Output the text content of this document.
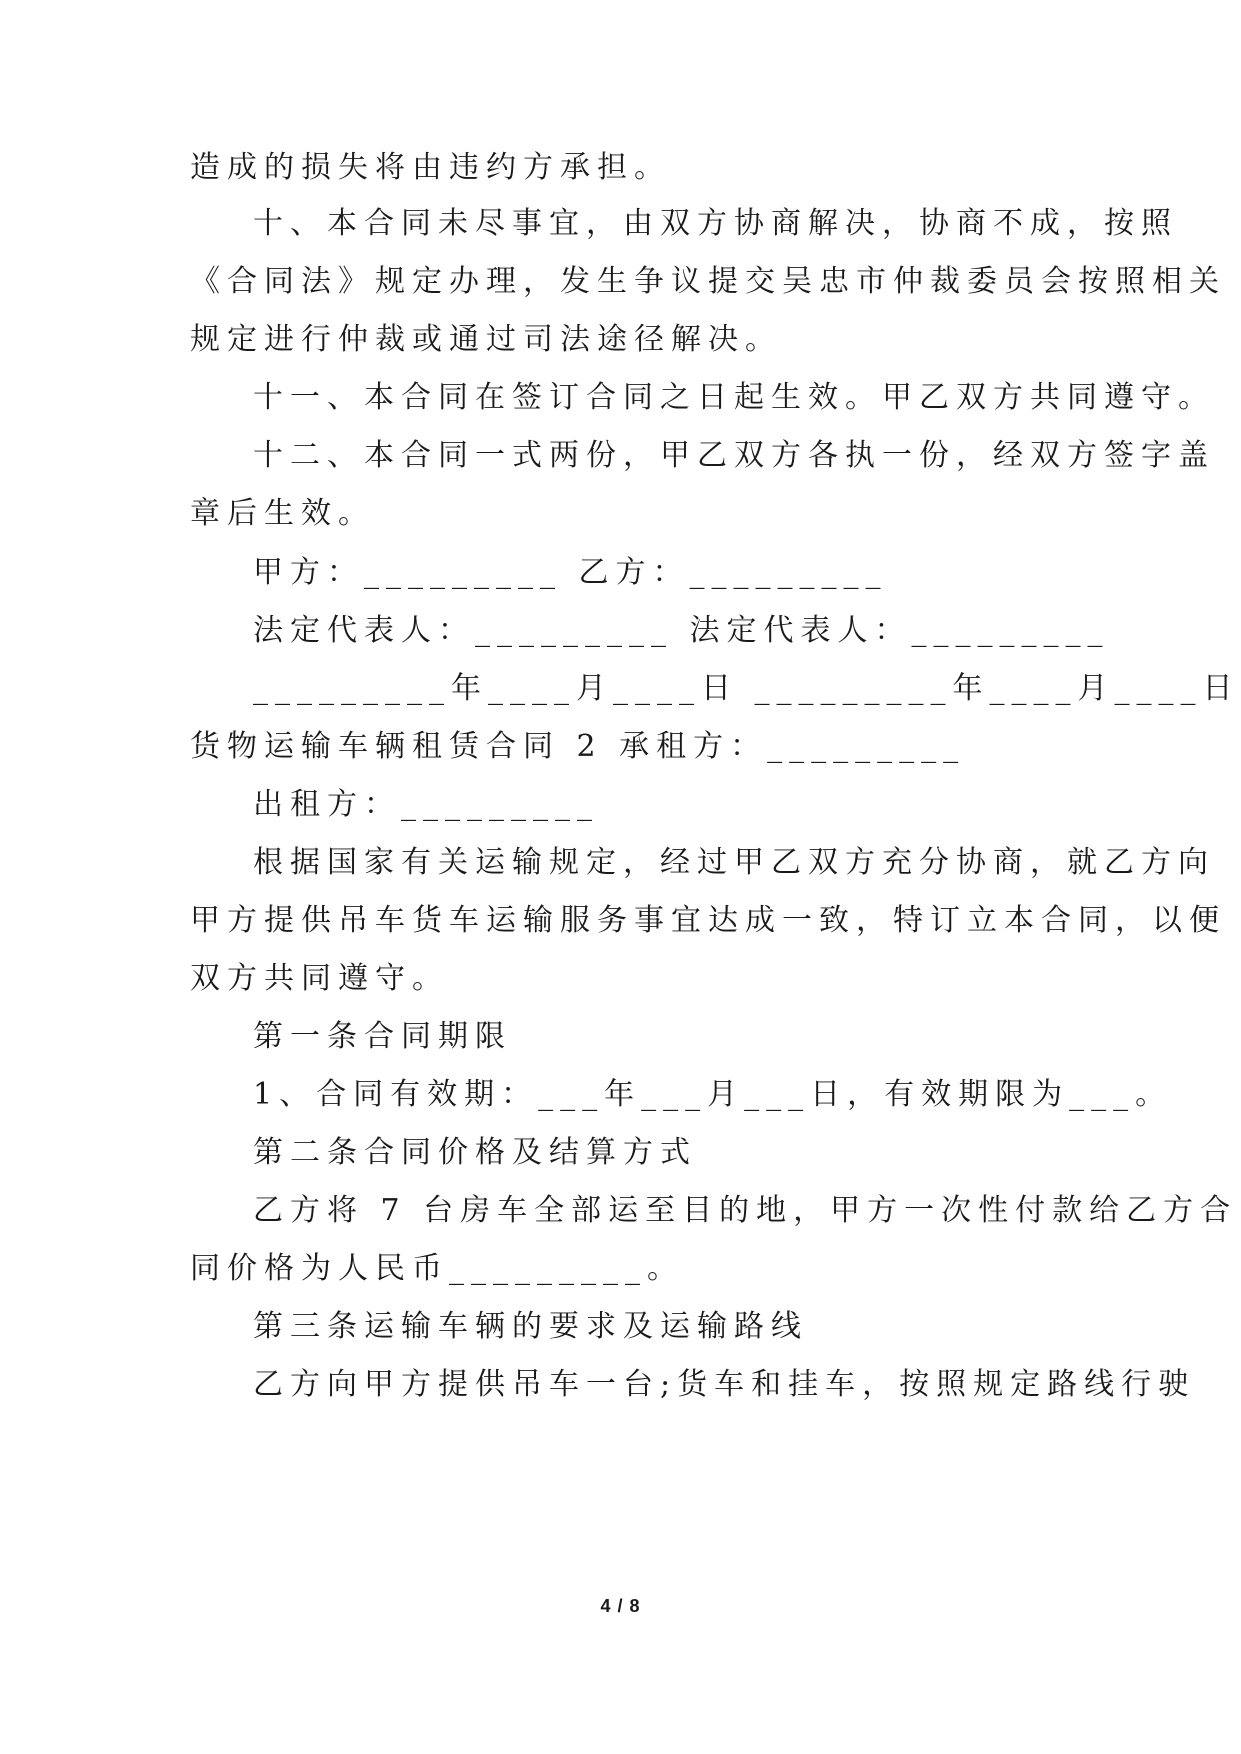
造成的损失将由违约方承担。
十、本合同未尽事宜，由双方协商解决，协商不成，按照
《合同法》规定办理，发生争议提交吴忠市仲裁委员会按照相关
规定进行仲裁或通过司法途径解决。
十一、本合同在签订合同之日起生效。甲乙双方共同遵守。
十二、本合同一式两份，甲乙双方各执一份，经双方签字盖
章后生效。
甲方：_________ 乙方：_________
法定代表人：_________ 法定代表人：_________
_________年____月____日 _________年____月____日
货物运输车辆租赁合同 2 承租方：_________
出租方：_________
根据国家有关运输规定，经过甲乙双方充分协商，就乙方向
甲方提供吊车货车运输服务事宜达成一致，特订立本合同，以便
双方共同遵守。
第一条合同期限
1、合同有效期：___年___月___日，有效期限为___。
第二条合同价格及结算方式
乙方将 7 台房车全部运至目的地，甲方一次性付款给乙方合
同价格为人民币_________。
第三条运输车辆的要求及运输路线
乙方向甲方提供吊车一台;货车和挂车，按照规定路线行驶
4 / 8
